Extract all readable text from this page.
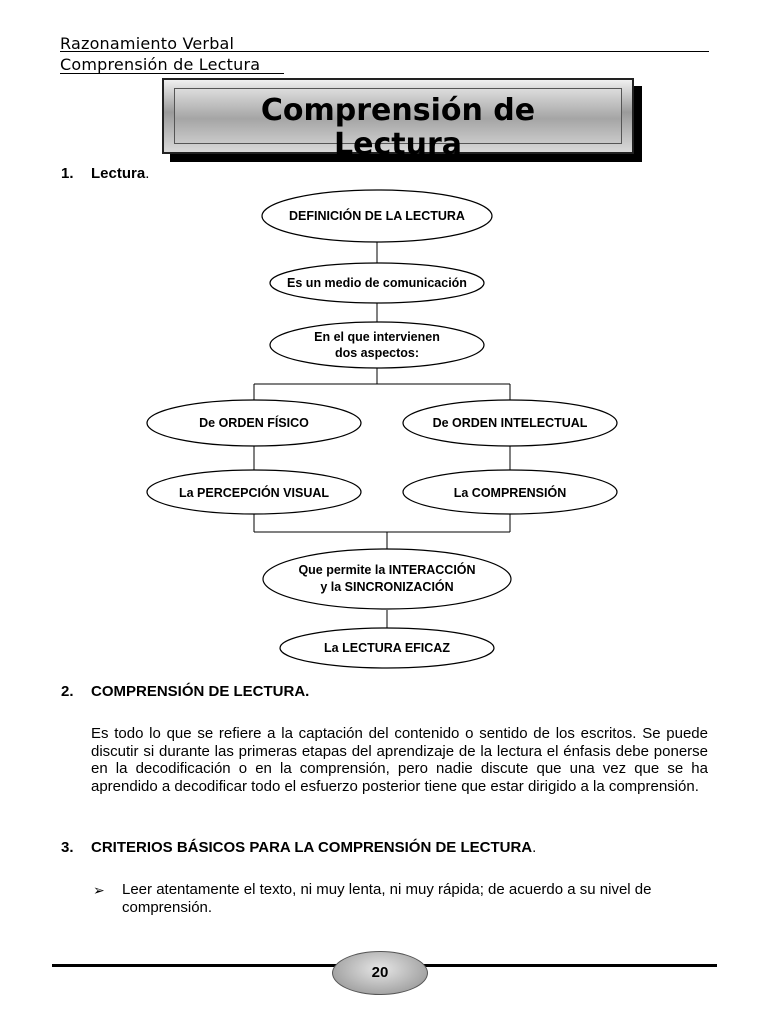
Razonamiento Verbal
Comprensión de Lectura
Comprensión de
Lectura
1. Lectura.
DEFINICIÓN DE LA LECTURA
Es un medio de comunicación
En el que intervienen
dos aspectos:
De ORDEN FÍSICO	De ORDEN INTELECTUAL
La PERCEPCIÓN VISUAL	La COMPRENSIÓN
Que permite la INTERACCIÓN
y la SINCRONIZACIÓN
La LECTURA EFICAZ
2. COMPRENSIÓN DE LECTURA.
Es todo lo que se refiere a la captación del contenido o sentido de los escritos. Se puede discutir si durante las primeras etapas del aprendizaje de la lectura el énfasis debe ponerse en la decodificación o en la comprensión, pero nadie discute que una vez que se ha aprendido a decodificar todo el esfuerzo posterior tiene que estar dirigido a la comprensión.
3. CRITERIOS BÁSICOS PARA LA COMPRENSIÓN DE LECTURA.
➢ Leer atentamente el texto, ni muy lenta, ni muy rápida; de acuerdo a su nivel de comprensión.
20
